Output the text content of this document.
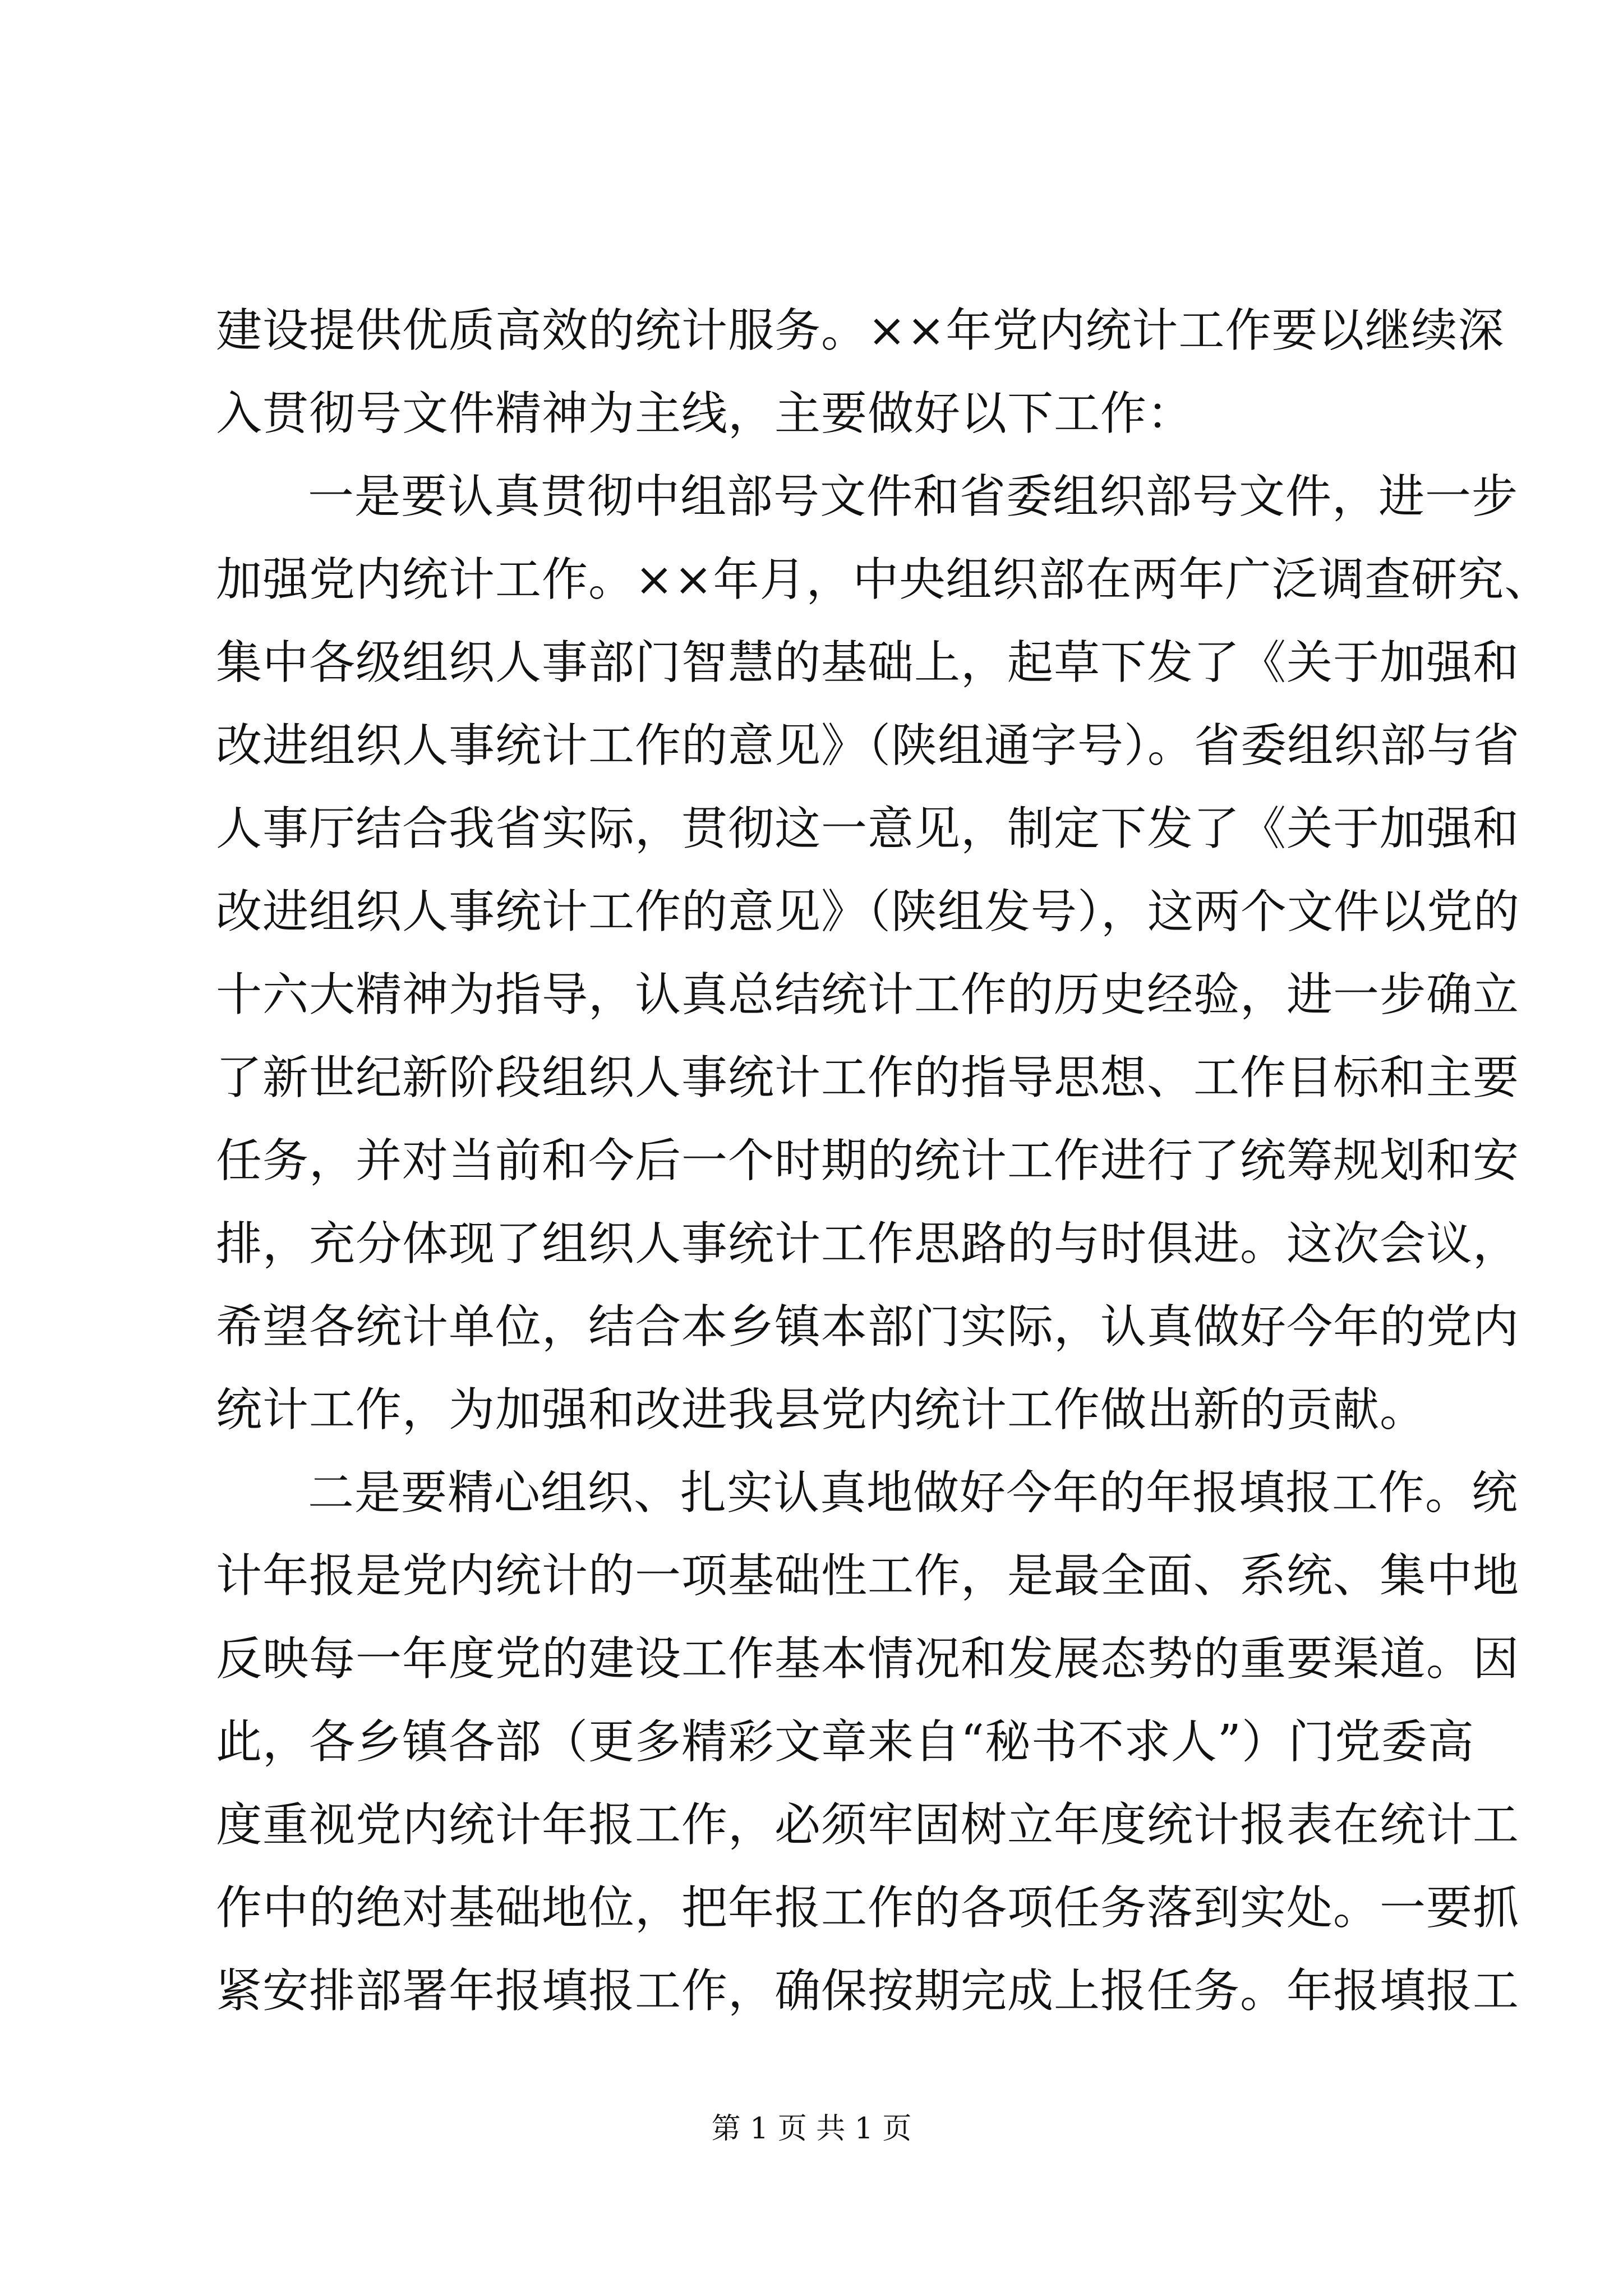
建设提供优质高效的统计服务。××年党内统计工作要以继续深
入贯彻号文件精神为主线，主要做好以下工作：
一是要认真贯彻中组部号文件和省委组织部号文件，进一步
加强党内统计工作。××年月，中央组织部在两年广泛调查研究、
集中各级组织人事部门智慧的基础上，起草下发了《关于加强和
改进组织人事统计工作的意见》（陕组通字号）。省委组织部与省
人事厅结合我省实际，贯彻这一意见，制定下发了《关于加强和
改进组织人事统计工作的意见》（陕组发号），这两个文件以党的
十六大精神为指导，认真总结统计工作的历史经验，进一步确立
了新世纪新阶段组织人事统计工作的指导思想、工作目标和主要
任务，并对当前和今后一个时期的统计工作进行了统筹规划和安
排，充分体现了组织人事统计工作思路的与时俱进。这次会议，
希望各统计单位，结合本乡镇本部门实际，认真做好今年的党内
统计工作，为加强和改进我县党内统计工作做出新的贡献。
二是要精心组织、扎实认真地做好今年的年报填报工作。统
计年报是党内统计的一项基础性工作，是最全面、系统、集中地
反映每一年度党的建设工作基本情况和发展态势的重要渠道。因
此，各乡镇各部（更多精彩文章来自“秘书不求人”）门党委高
度重视党内统计年报工作，必须牢固树立年度统计报表在统计工
作中的绝对基础地位，把年报工作的各项任务落到实处。一要抓
紧安排部署年报填报工作，确保按期完成上报任务。年报填报工
第 1 页 共 1 页
